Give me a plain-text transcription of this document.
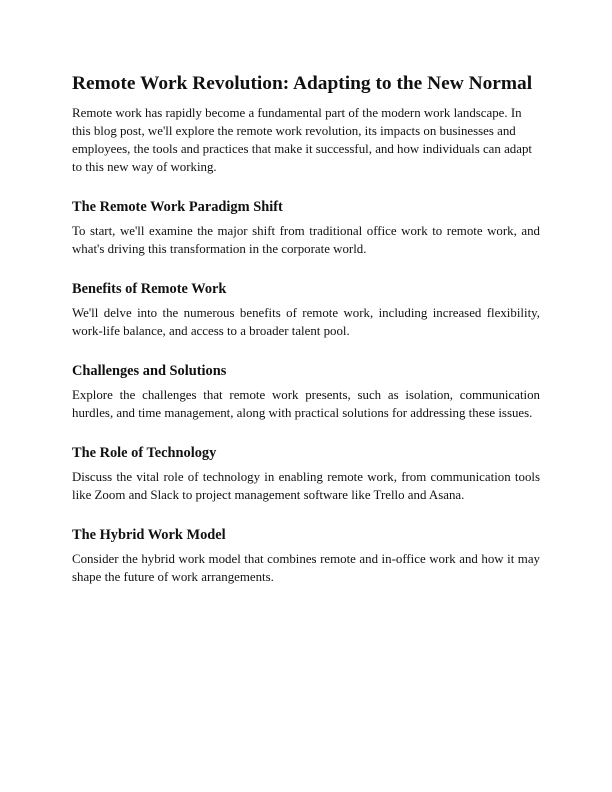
Remote Work Revolution: Adapting to the New Normal

Remote work has rapidly become a fundamental part of the modern work landscape. In this blog post, we'll explore the remote work revolution, its impacts on businesses and employees, the tools and practices that make it successful, and how individuals can adapt to this new way of working.

The Remote Work Paradigm Shift

To start, we'll examine the major shift from traditional office work to remote work, and what's driving this transformation in the corporate world.

Benefits of Remote Work

We'll delve into the numerous benefits of remote work, including increased flexibility, work-life balance, and access to a broader talent pool.

Challenges and Solutions

Explore the challenges that remote work presents, such as isolation, communication hurdles, and time management, along with practical solutions for addressing these issues.

The Role of Technology

Discuss the vital role of technology in enabling remote work, from communication tools like Zoom and Slack to project management software like Trello and Asana.

The Hybrid Work Model

Consider the hybrid work model that combines remote and in-office work and how it may shape the future of work arrangements.
